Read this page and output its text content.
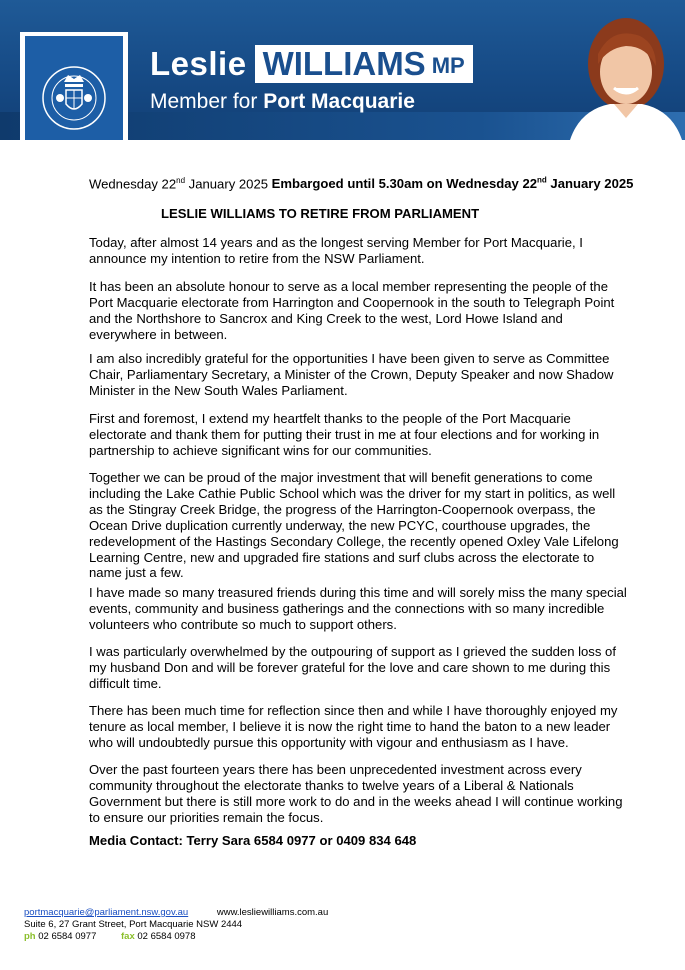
Leslie WILLIAMS MP
Member for Port Macquarie
Wednesday 22nd January 2025 Embargoed until 5.30am on Wednesday 22nd January 2025
LESLIE WILLIAMS TO RETIRE FROM PARLIAMENT

Today, after almost 14 years and as the longest serving Member for Port Macquarie, I announce my intention to retire from the NSW Parliament.

It has been an absolute honour to serve as a local member representing the people of the Port Macquarie electorate from Harrington and Coopernook in the south to Telegraph Point and the Northshore to Sancrox and King Creek to the west, Lord Howe Island and everywhere in between.

I am also incredibly grateful for the opportunities I have been given to serve as Committee Chair, Parliamentary Secretary, a Minister of the Crown, Deputy Speaker and now Shadow Minister in the New South Wales Parliament.

First and foremost, I extend my heartfelt thanks to the people of the Port Macquarie electorate and thank them for putting their trust in me at four elections and for working in partnership to achieve significant wins for our communities.

Together we can be proud of the major investment that will benefit generations to come including the Lake Cathie Public School which was the driver for my start in politics, as well as the Stingray Creek Bridge, the progress of the Harrington-Coopernook overpass, the Ocean Drive duplication currently underway, the new PCYC, courthouse upgrades, the redevelopment of the Hastings Secondary College, the recently opened Oxley Vale Lifelong Learning Centre, new and upgraded fire stations and surf clubs across the electorate to name just a few.

I have made so many treasured friends during this time and will sorely miss the many special events, community and business gatherings and the connections with so many incredible volunteers who contribute so much to support others.

I was particularly overwhelmed by the outpouring of support as I grieved the sudden loss of my husband Don and will be forever grateful for the love and care shown to me during this difficult time.

There has been much time for reflection since then and while I have thoroughly enjoyed my tenure as local member, I believe it is now the right time to hand the baton to a new leader who will undoubtedly pursue this opportunity with vigour and enthusiasm as I have.

Over the past fourteen years there has been unprecedented investment across every community throughout the electorate thanks to twelve years of a Liberal & Nationals Government but there is still more work to do and in the weeks ahead I will continue working to ensure our priorities remain the focus.

Media Contact: Terry Sara 6584 0977 or 0409 834 648
portmacquarie@parliament.nsw.gov.au	www.lesliewilliams.com.au
Suite 6, 27 Grant Street, Port Macquarie NSW 2444
ph 02 6584 0977	fax 02 6584 0978
